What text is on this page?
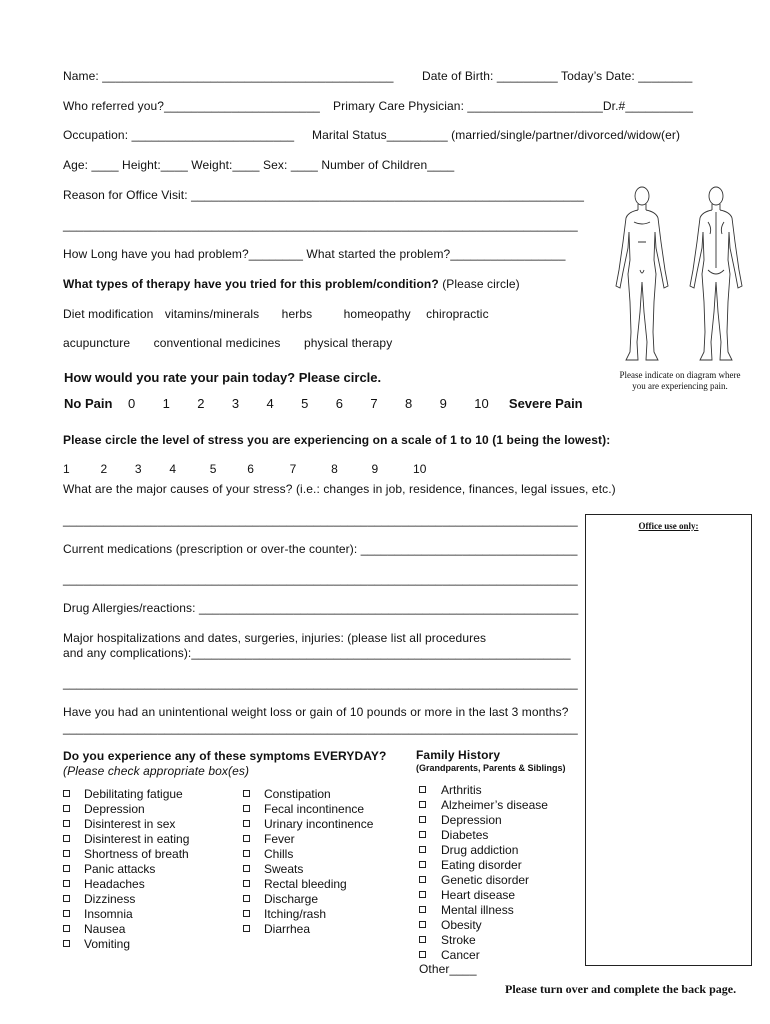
Name: ___________________________________________ Date of Birth: _________ Today’s Date: ________
Who referred you?_______________________ Primary Care Physician: ____________________Dr.#__________
Occupation: ________________________ Marital Status_________ (married/single/partner/divorced/widow(er)
Age: ____ Height:____ Weight:____ Sex: ____ Number of Children____
Reason for Office Visit: __________________________________________________________
____________________________________________________________________________
How Long have you had problem?________ What started the problem?_________________
What types of therapy have you tried for this problem/condition? (Please circle)
Diet modification vitamins/minerals herbs	homeopathy chiropractic
acupuncture conventional medicines physical therapy
Please indicate on diagram where
you are experiencing pain.
How would you rate your pain today? Please circle.
No Pain 0 1 2 3 4 5 6 7 8 9 10 Severe Pain
Please circle the level of stress you are experiencing on a scale of 1 to 10 (1 being the lowest):
1	2 3 4	5	6	7	8	9	10
What are the major causes of your stress? (i.e.: changes in job, residence, finances, legal issues, etc.)
____________________________________________________________________________
Current medications (prescription or over-the counter): ________________________________
____________________________________________________________________________
Drug Allergies/reactions: ________________________________________________________
Major hospitalizations and dates, surgeries, injuries: (please list all procedures
and any complications):________________________________________________________
____________________________________________________________________________
Have you had an unintentional weight loss or gain of 10 pounds or more in the last 3 months?
____________________________________________________________________________
Office use only:
Do you experience any of these symptoms EVERYDAY?
(Please check appropriate box(es)
Debilitating fatigue
Depression
Disinterest in sex
Disinterest in eating
Shortness of breath
Panic attacks
Headaches
Dizziness
Insomnia
Nausea
Vomiting
Constipation
Fecal incontinence
Urinary incontinence
Fever
Chills
Sweats
Rectal bleeding
Discharge
Itching/rash
Diarrhea
Family History
(Grandparents, Parents & Siblings)
Arthritis
Alzheimer’s disease
Depression
Diabetes
Drug addiction
Eating disorder
Genetic disorder
Heart disease
Mental illness
Obesity
Stroke
Cancer
Other____
Please turn over and complete the back page.
